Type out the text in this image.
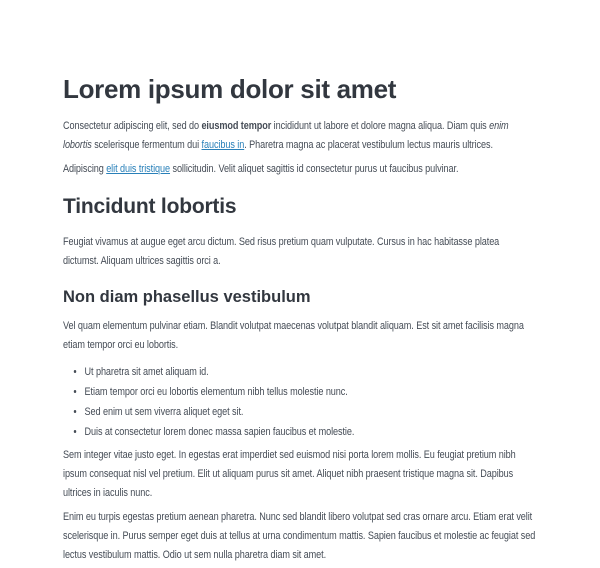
Lorem ipsum dolor sit amet

Consectetur adipiscing elit, sed do eiusmod tempor incididunt ut labore et dolore magna aliqua. Diam quis enim lobortis scelerisque fermentum dui faucibus in. Pharetra magna ac placerat vestibulum lectus mauris ultrices.

Adipiscing elit duis tristique sollicitudin. Velit aliquet sagittis id consectetur purus ut faucibus pulvinar.

Tincidunt lobortis

Feugiat vivamus at augue eget arcu dictum. Sed risus pretium quam vulputate. Cursus in hac habitasse platea dictumst. Aliquam ultrices sagittis orci a.

Non diam phasellus vestibulum

Vel quam elementum pulvinar etiam. Blandit volutpat maecenas volutpat blandit aliquam. Est sit amet facilisis magna etiam tempor orci eu lobortis.

• Ut pharetra sit amet aliquam id.
• Etiam tempor orci eu lobortis elementum nibh tellus molestie nunc.
• Sed enim ut sem viverra aliquet eget sit.
• Duis at consectetur lorem donec massa sapien faucibus et molestie.

Sem integer vitae justo eget. In egestas erat imperdiet sed euismod nisi porta lorem mollis. Eu feugiat pretium nibh ipsum consequat nisl vel pretium. Elit ut aliquam purus sit amet. Aliquet nibh praesent tristique magna sit. Dapibus ultrices in iaculis nunc.

Enim eu turpis egestas pretium aenean pharetra. Nunc sed blandit libero volutpat sed cras ornare arcu. Etiam erat velit scelerisque in. Purus semper eget duis at tellus at urna condimentum mattis. Sapien faucibus et molestie ac feugiat sed lectus vestibulum mattis. Odio ut sem nulla pharetra diam sit amet.
